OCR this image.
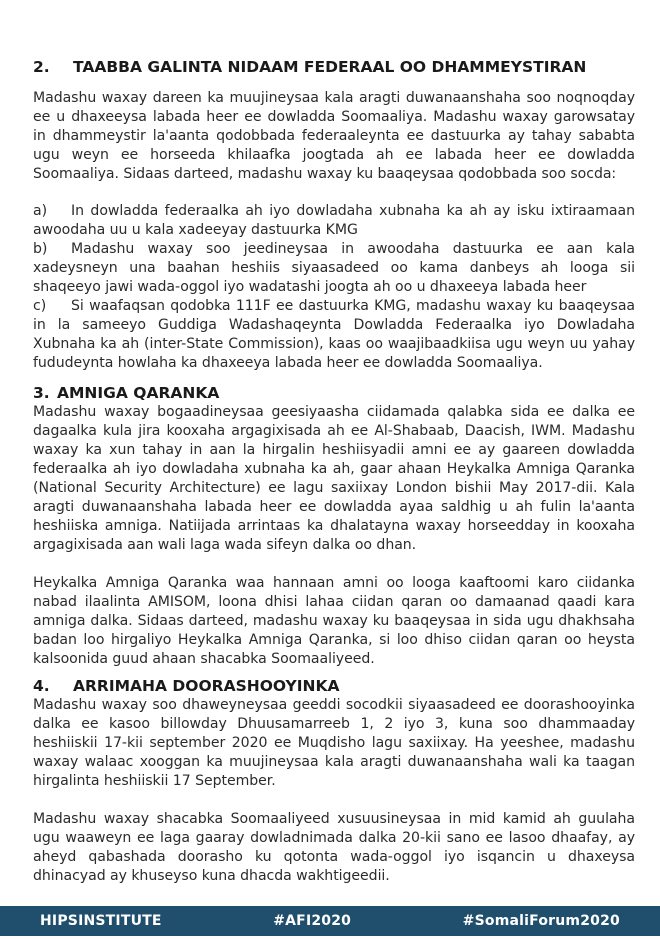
2.	TAABBA GALINTA NIDAAM FEDERAAL OO DHAMMEYSTIRAN

Madashu waxay dareen ka muujineysaa kala aragti duwanaanshaha soo noqnoqday ee u dhaxeeysa labada heer ee dowladda Soomaaliya. Madashu waxay garowsatay in dhammeystir la'aanta qodobbada federaaleynta ee dastuurka ay tahay sababta ugu weyn ee horseeda khilaafka joogtada ah ee labada heer ee dowladda Soomaaliya. Sidaas darteed, madashu waxay ku baaqeysaa qodobbada soo socda:

a) In dowladda federaalka ah iyo dowladaha xubnaha ka ah ay isku ixtiraamaan awoodaha uu u kala xadeeyay dastuurka KMG

b) Madashu waxay soo jeedineysaa in awoodaha dastuurka ee aan kala xadeysneyn una baahan heshiis siyaasadeed oo kama danbeys ah looga sii shaqeeyo jawi wada-oggol iyo wadatashi joogta ah oo u dhaxeeya labada heer

c) Si waafaqsan qodobka 111F ee dastuurka KMG, madashu waxay ku baaqeysaa in la sameeyo Guddiga Wadashaqeynta Dowladda Federaalka iyo Dowladaha Xubnaha ka ah (inter-State Commission), kaas oo waajibaadkiisa ugu weyn uu yahay fududeynta howlaha ka dhaxeeya labada heer ee dowladda Soomaaliya.

3. AMNIGA QARANKA

Madashu waxay bogaadineysaa geesiyaasha ciidamada qalabka sida ee dalka ee dagaalka kula jira kooxaha argagixisada ah ee Al-Shabaab, Daacish, IWM. Madashu waxay ka xun tahay in aan la hirgalin heshiisyadii amni ee ay gaareen dowladda federaalka ah iyo dowladaha xubnaha ka ah, gaar ahaan Heykalka Amniga Qaranka (National Security Architecture) ee lagu saxiixay London bishii May 2017-dii. Kala aragti duwanaanshaha labada heer ee dowladda ayaa saldhig u ah fulin la'aanta heshiiska amniga. Natiijada arrintaas ka dhalatayna waxay horseedday in kooxaha argagixisada aan wali laga wada sifeyn dalka oo dhan.

Heykalka Amniga Qaranka waa hannaan amni oo looga kaaftoomi karo ciidanka nabad ilaalinta AMISOM, loona dhisi lahaa ciidan qaran oo damaanad qaadi kara amniga dalka. Sidaas darteed, madashu waxay ku baaqeysaa in sida ugu dhakhsaha badan loo hirgaliyo Heykalka Amniga Qaranka, si loo dhiso ciidan qaran oo heysta kalsoonida guud ahaan shacabka Soomaaliyeed.

4.	ARRIMAHA DOORASHOOYINKA

Madashu waxay soo dhaweyneysaa geeddi socodkii siyaasadeed ee doorashooyinka dalka ee kasoo billowday Dhuusamarreeb 1, 2 iyo 3, kuna soo dhammaaday heshiiskii 17-kii september 2020 ee Muqdisho lagu saxiixay. Ha yeeshee, madashu waxay walaac xooggan ka muujineysaa kala aragti duwanaanshaha wali ka taagan hirgalinta heshiiskii 17 September.

Madashu waxay shacabka Soomaaliyeed xusuusineysaa in mid kamid ah guulaha ugu waaweyn ee laga gaaray dowladnimada dalka 20-kii sano ee lasoo dhaafay, ay aheyd qabashada doorasho ku qotonta wada-oggol iyo isqancin u dhaxeysa dhinacyad ay khuseyso kuna dhacda wakhtigeedii.

HIPSINSTITUTE	#AFI2020	#SomaliForum2020
